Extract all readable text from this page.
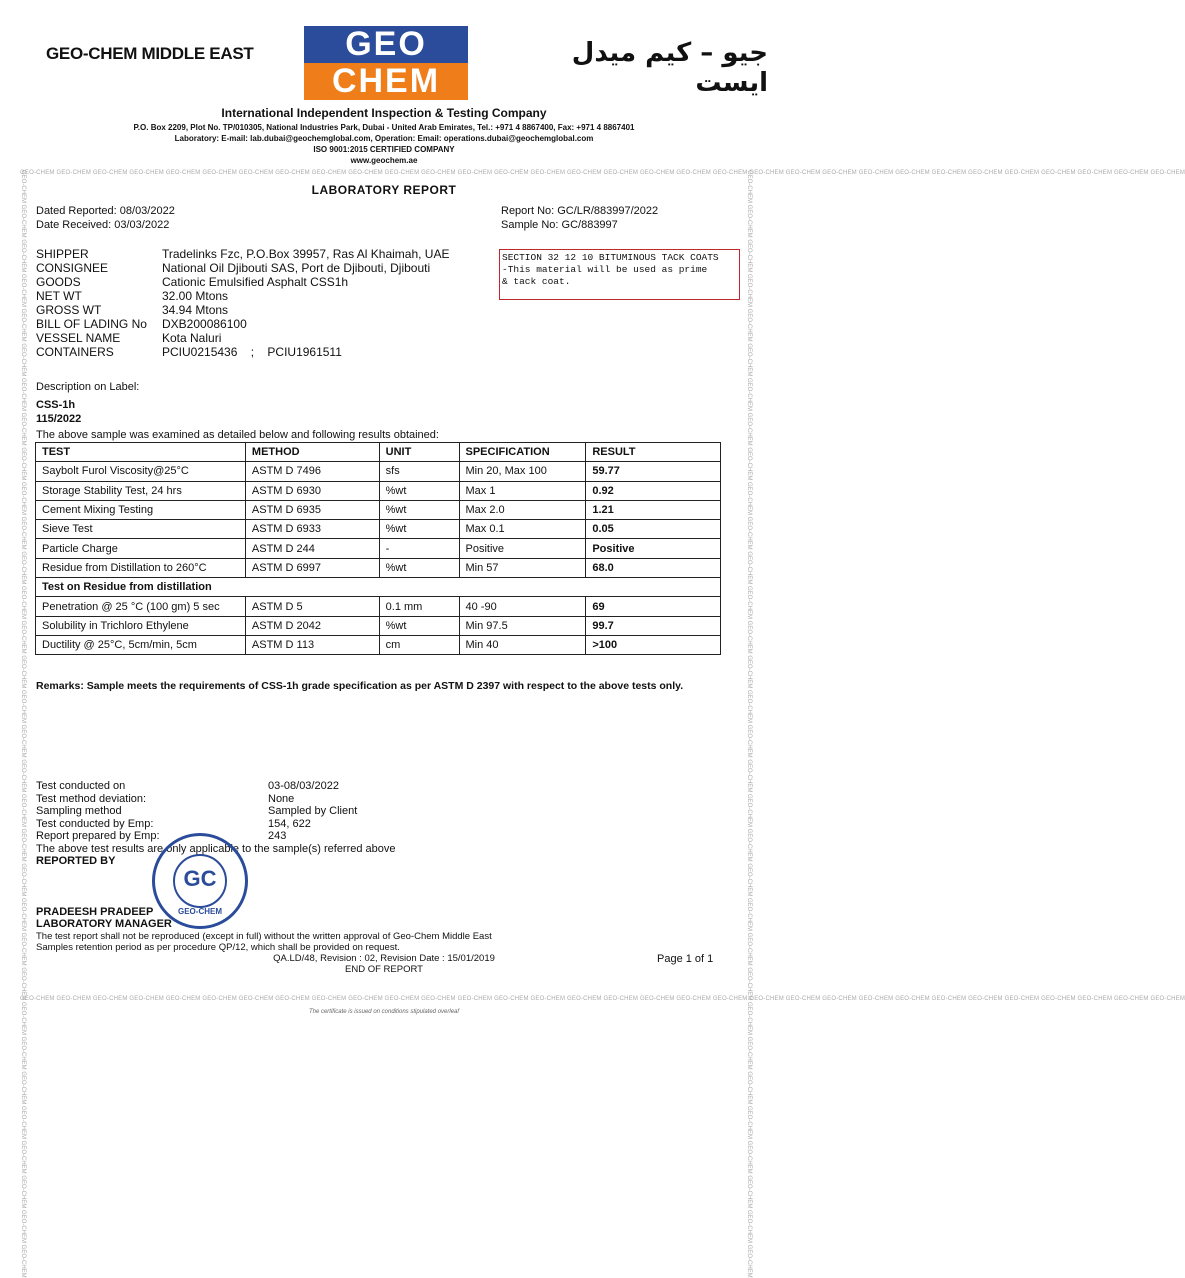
GEO-CHEM MIDDLE EAST	GEO
CHEM
جيو – كيم ميدل ايست
International Independent Inspection & Testing Company
P.O. Box 2209, Plot No. TP/010305, National Industries Park, Dubai - United Arab Emirates, Tel.: +971 4 8867400, Fax: +971 4 8867401
Laboratory: E-mail: lab.dubai@geochemglobal.com, Operation: Email: operations.dubai@geochemglobal.com
ISO 9001:2015 CERTIFIED COMPANY
www.geochem.ae
GEO-CHEM GEO-CHEM GEO-CHEM GEO-CHEM GEO-CHEM GEO-CHEM GEO-CHEM GEO-CHEM GEO-CHEM GEO-CHEM GEO-CHEM GEO-CHEM GEO-CHEM GEO-CHEM GEO-CHEM GEO-CHEM GEO-CHEM GEO-CHEM GEO-CHEM GEO-CHEM GEO-CHEM GEO-CHEM GEO-CHEM GEO-CHEM GEO-CHEM GEO-CHEM GEO-CHEM GEO-CHEM GEO-CHEM GEO-CHEM GEO-CHEM GEO-CHEM
GEO-CHEM GEO-CHEM GEO-CHEM GEO-CHEM GEO-CHEM GEO-CHEM GEO-CHEM GEO-CHEM GEO-CHEM GEO-CHEM GEO-CHEM GEO-CHEM GEO-CHEM GEO-CHEM GEO-CHEM GEO-CHEM GEO-CHEM GEO-CHEM GEO-CHEM GEO-CHEM GEO-CHEM GEO-CHEM GEO-CHEM GEO-CHEM GEO-CHEM GEO-CHEM GEO-CHEM GEO-CHEM GEO-CHEM GEO-CHEM GEO-CHEM GEO-CHEM
GEO-CHEM GEO-CHEM GEO-CHEM GEO-CHEM GEO-CHEM GEO-CHEM GEO-CHEM GEO-CHEM GEO-CHEM GEO-CHEM GEO-CHEM GEO-CHEM GEO-CHEM GEO-CHEM GEO-CHEM GEO-CHEM GEO-CHEM GEO-CHEM GEO-CHEM GEO-CHEM GEO-CHEM GEO-CHEM GEO-CHEM GEO-CHEM GEO-CHEM GEO-CHEM GEO-CHEM GEO-CHEM GEO-CHEM GEO-CHEM GEO-CHEM GEO-CHEM	GEO-CHEM GEO-CHEM GEO-CHEM GEO-CHEM GEO-CHEM GEO-CHEM GEO-CHEM GEO-CHEM GEO-CHEM GEO-CHEM GEO-CHEM GEO-CHEM GEO-CHEM GEO-CHEM GEO-CHEM GEO-CHEM GEO-CHEM GEO-CHEM GEO-CHEM GEO-CHEM GEO-CHEM GEO-CHEM GEO-CHEM GEO-CHEM GEO-CHEM GEO-CHEM GEO-CHEM GEO-CHEM GEO-CHEM GEO-CHEM GEO-CHEM GEO-CHEM
LABORATORY REPORT
Dated Reported: 08/03/2022
Date Received: 03/03/2022
Report No: GC/LR/883997/2022
Sample No: GC/883997
SHIPPER	Tradelinks Fzc, P.O.Box 39957, Ras Al Khaimah, UAE
CONSIGNEE	National Oil Djibouti SAS, Port de Djibouti, Djibouti
GOODS	Cationic Emulsified Asphalt CSS1h
NET WT	32.00 Mtons
GROSS WT	34.94 Mtons
BILL OF LADING No	DXB200086100
VESSEL NAME	Kota Naluri
CONTAINERS	PCIU0215436    ;    PCIU1961511
SECTION 32 12 10 BITUMINOUS TACK COATS
-This material will be used as prime
& tack coat.
Description on Label:
CSS-1h
115/2022
The above sample was examined as detailed below and following results obtained:
TEST	METHOD	UNIT	SPECIFICATION	RESULT
Saybolt Furol Viscosity@25°C	ASTM D 7496	sfs	Min 20, Max 100	59.77
Storage Stability Test, 24 hrs	ASTM D 6930	%wt	Max 1	0.92
Cement Mixing Testing	ASTM D 6935	%wt	Max 2.0	1.21
Sieve Test	ASTM D 6933	%wt	Max 0.1	0.05
Particle Charge	ASTM D 244	-	Positive	Positive
Residue from Distillation to 260°C	ASTM D 6997	%wt	Min 57	68.0
Test on Residue from distillation				
Penetration @ 25 °C (100 gm) 5 sec	ASTM D 5	0.1 mm	40 -90	69
Solubility in Trichloro Ethylene	ASTM D 2042	%wt	Min 97.5	99.7
Ductility @ 25°C, 5cm/min, 5cm	ASTM D 113	cm	Min 40	>100
Remarks: Sample meets the requirements of CSS-1h grade specification as per ASTM D 2397 with respect to the above tests only.
Test conducted on	03-08/03/2022
Test method deviation:	None
Sampling method	Sampled by Client
Test conducted by Emp:	154, 622
Report prepared by Emp:	243
The above test results are only applicable to the sample(s) referred above
REPORTED BY
GC
GEO-CHEM
PRADEESH PRADEEP
LABORATORY MANAGER
The test report shall not be reproduced (except in full) without the written approval of Geo-Chem Middle East
Samples retention period as per procedure QP/12, which shall be provided on request.
QA.LD/48, Revision : 02, Revision Date : 15/01/2019	Page 1 of 1
END OF REPORT
The certificate is issued on conditions stipulated overleaf
